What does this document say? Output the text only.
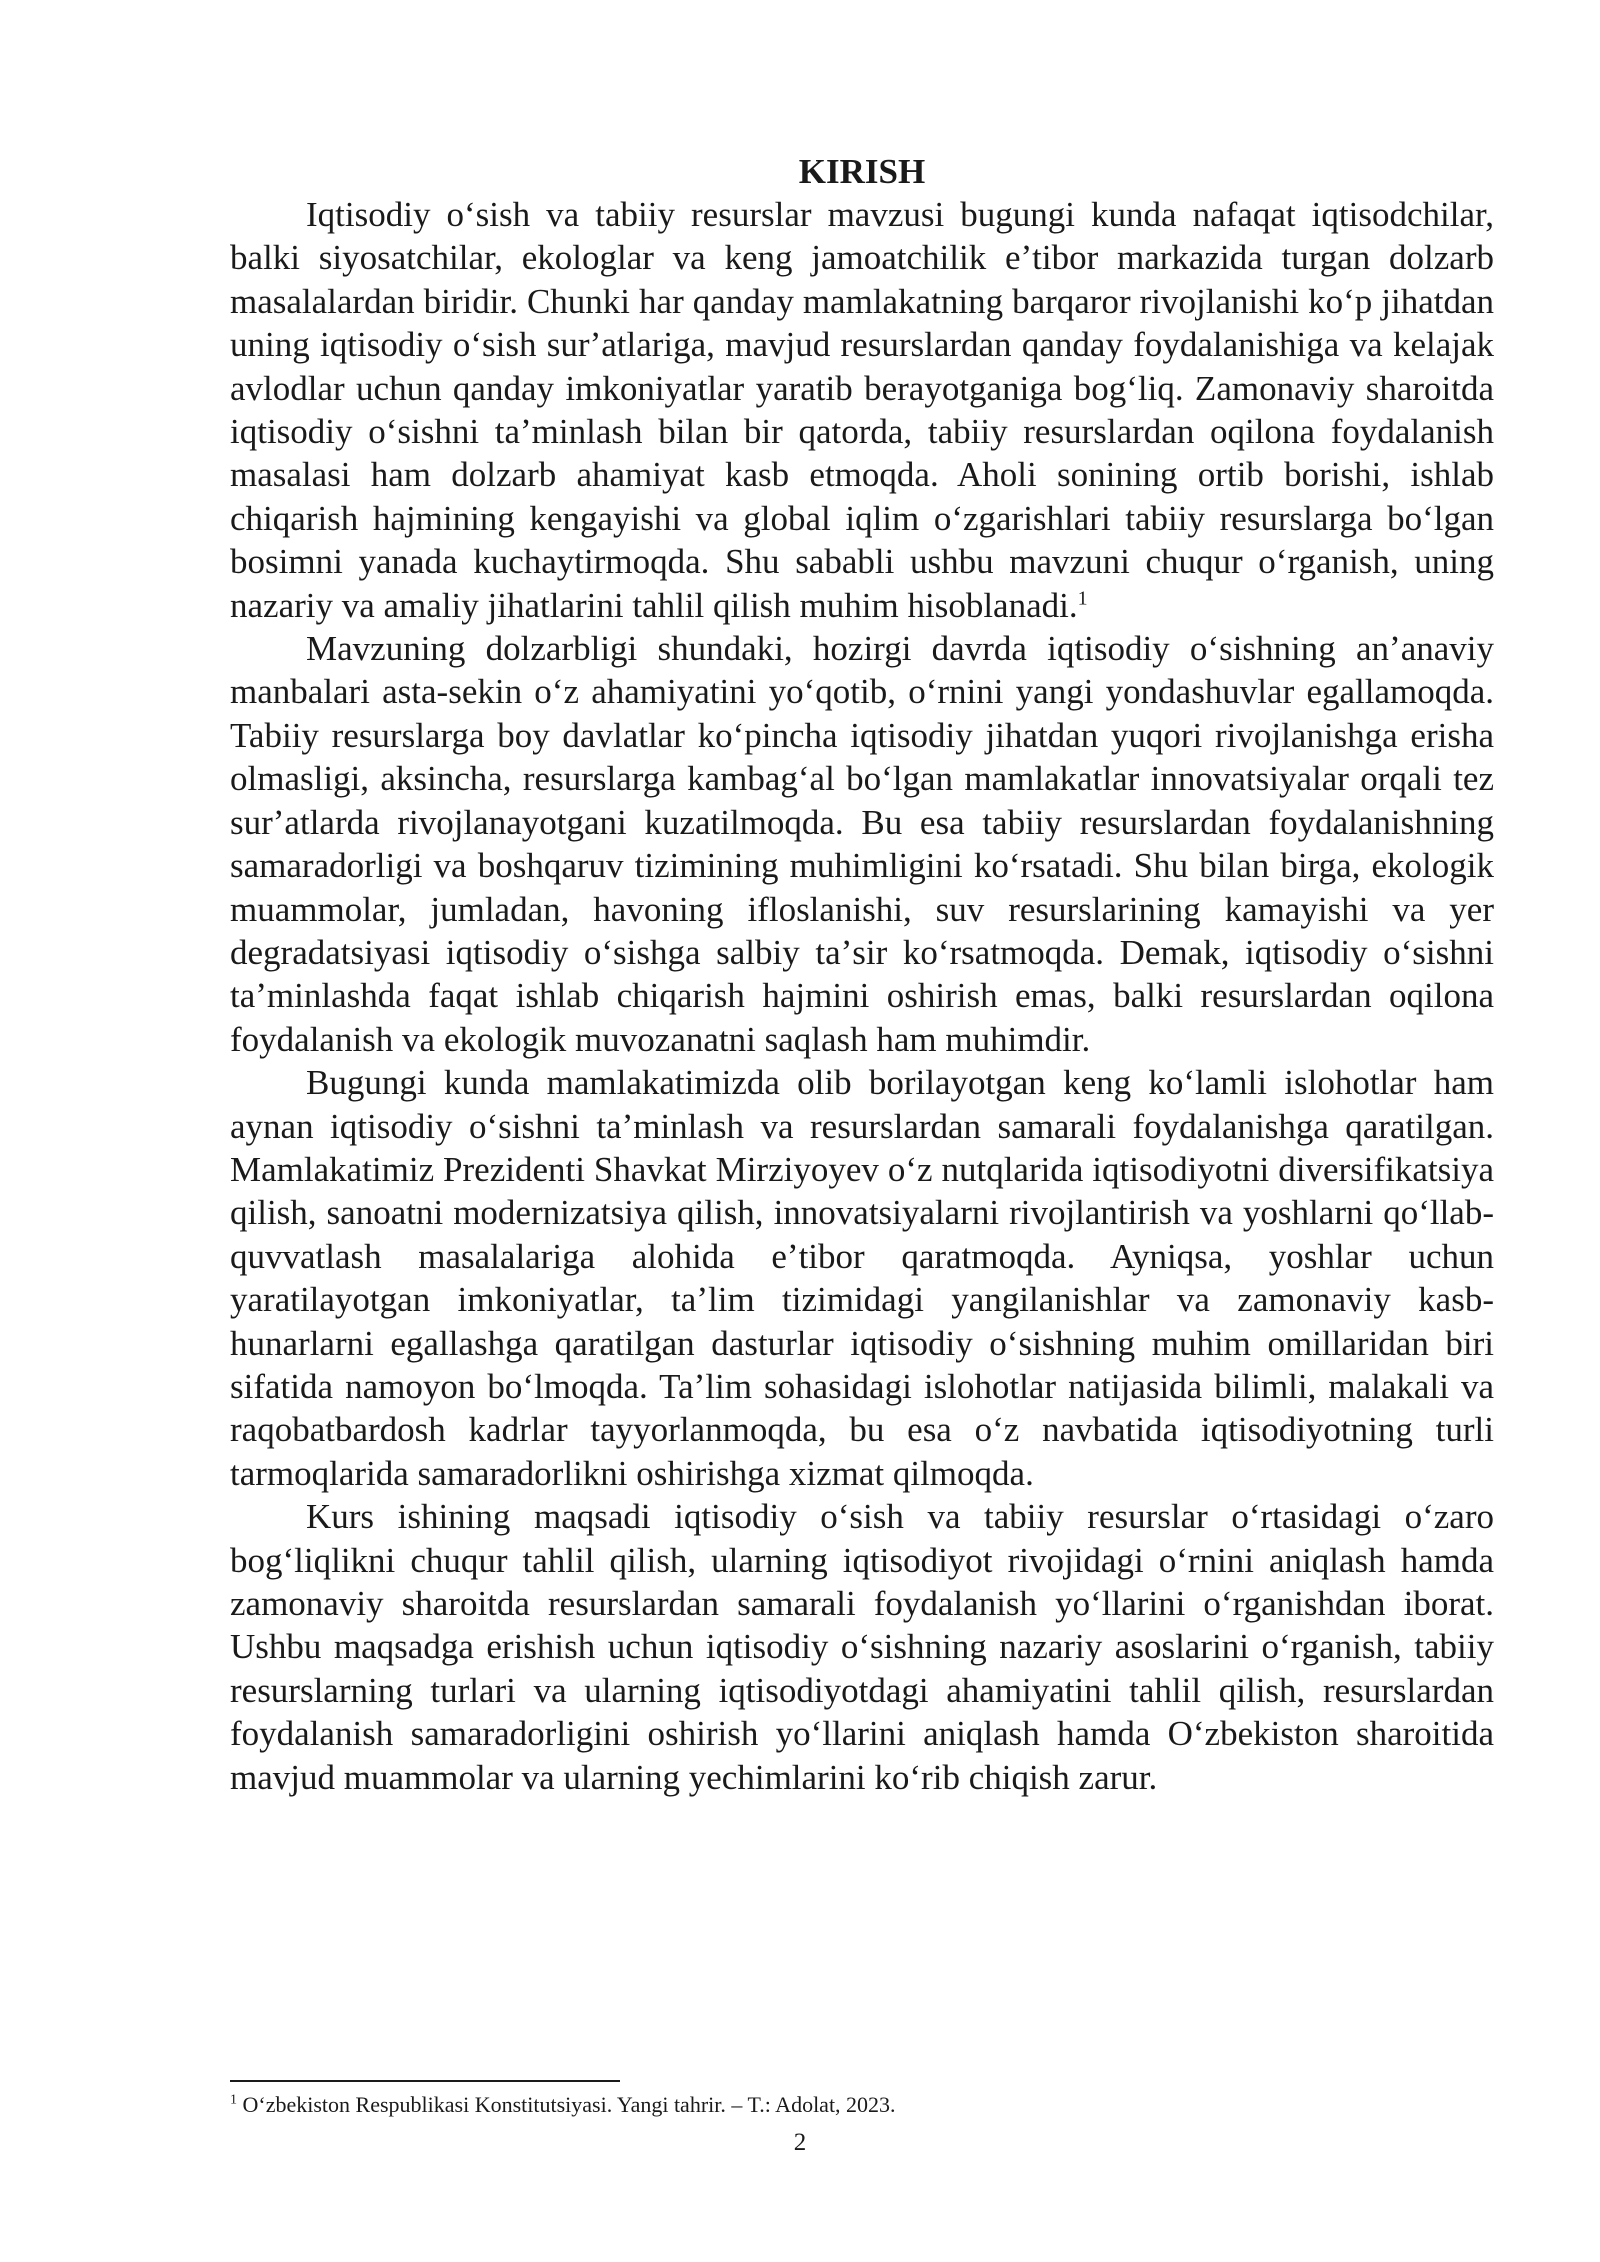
KIRISH

Iqtisodiy oʻsish va tabiiy resurslar mavzusi bugungi kunda nafaqat iqtisodchilar, balki siyosatchilar, ekologlar va keng jamoatchilik eʼtibor markazida turgan dolzarb masalalardan biridir. Chunki har qanday mamlakatning barqaror rivojlanishi koʻp jihatdan uning iqtisodiy oʻsish surʼatlariga, mavjud resurslardan qanday foydalanishiga va kelajak avlodlar uchun qanday imkoniyatlar yaratib berayotganiga bogʻliq. Zamonaviy sharoitda iqtisodiy oʻsishni taʼminlash bilan bir qatorda, tabiiy resurslardan oqilona foydalanish masalasi ham dolzarb ahamiyat kasb etmoqda. Aholi sonining ortib borishi, ishlab chiqarish hajmining kengayishi va global iqlim oʻzgarishlari tabiiy resurslarga boʻlgan bosimni yanada kuchaytirmoqda. Shu sababli ushbu mavzuni chuqur oʻrganish, uning nazariy va amaliy jihatlarini tahlil qilish muhim hisoblanadi.$^1$

Mavzuning dolzarbligi shundaki, hozirgi davrda iqtisodiy oʻsishning anʼanaviy manbalari asta-sekin oʻz ahamiyatini yoʻqotib, oʻrnini yangi yondashuvlar egallamoqda. Tabiiy resurslarga boy davlatlar koʻpincha iqtisodiy jihatdan yuqori rivojlanishga erisha olmasligi, aksincha, resurslarga kambagʻal boʻlgan mamlakatlar innovatsiyalar orqali tez surʼatlarda rivojlanayotgani kuzatilmoqda. Bu esa tabiiy resurslardan foydalanishning samaradorligi va boshqaruv tizimining muhimligini koʻrsatadi. Shu bilan birga, ekologik muammolar, jumladan, havoning ifloslanishi, suv resurslarining kamayishi va yer degradatsiyasi iqtisodiy oʻsishga salbiy taʼsir koʻrsatmoqda. Demak, iqtisodiy oʻsishni taʼminlashda faqat ishlab chiqarish hajmini oshirish emas, balki resurslardan oqilona foydalanish va ekologik muvozanatni saqlash ham muhimdir.

Bugungi kunda mamlakatimizda olib borilayotgan keng koʻlamli islohotlar ham aynan iqtisodiy oʻsishni taʼminlash va resurslardan samarali foydalanishga qaratilgan. Mamlakatimiz Prezidenti Shavkat Mirziyoyev oʻz nutqlarida iqtisodiyotni diversifikatsiya qilish, sanoatni modernizatsiya qilish, innovatsiyalarni rivojlantirish va yoshlarni qoʻllab-quvvatlash masalalariga alohida eʼtibor qaratmoqda. Ayniqsa, yoshlar uchun yaratilayotgan imkoniyatlar, taʼlim tizimidagi yangilanishlar va zamonaviy kasb-hunarlarni egallashga qaratilgan dasturlar iqtisodiy oʻsishning muhim omillaridan biri sifatida namoyon boʻlmoqda. Taʼlim sohasidagi islohotlar natijasida bilimli, malakali va raqobatbardosh kadrlar tayyorlanmoqda, bu esa oʻz navbatida iqtisodiyotning turli tarmoqlarida samaradorlikni oshirishga xizmat qilmoqda.

Kurs ishining maqsadi iqtisodiy oʻsish va tabiiy resurslar oʻrtasidagi oʻzaro bogʻliqlikni chuqur tahlil qilish, ularning iqtisodiyot rivojidagi oʻrnini aniqlash hamda zamonaviy sharoitda resurslardan samarali foydalanish yoʻllarini oʻrganishdan iborat. Ushbu maqsadga erishish uchun iqtisodiy oʻsishning nazariy asoslarini oʻrganish, tabiiy resurslarning turlari va ularning iqtisodiyotdagi ahamiyatini tahlil qilish, resurslardan foydalanish samaradorligini oshirish yoʻllarini aniqlash hamda Oʻzbekiston sharoitida mavjud muammolar va ularning yechimlarini koʻrib chiqish zarur.

$^1$ Oʻzbekiston Respublikasi Konstitutsiyasi. Yangi tahrir. – T.: Adolat, 2023.

2
